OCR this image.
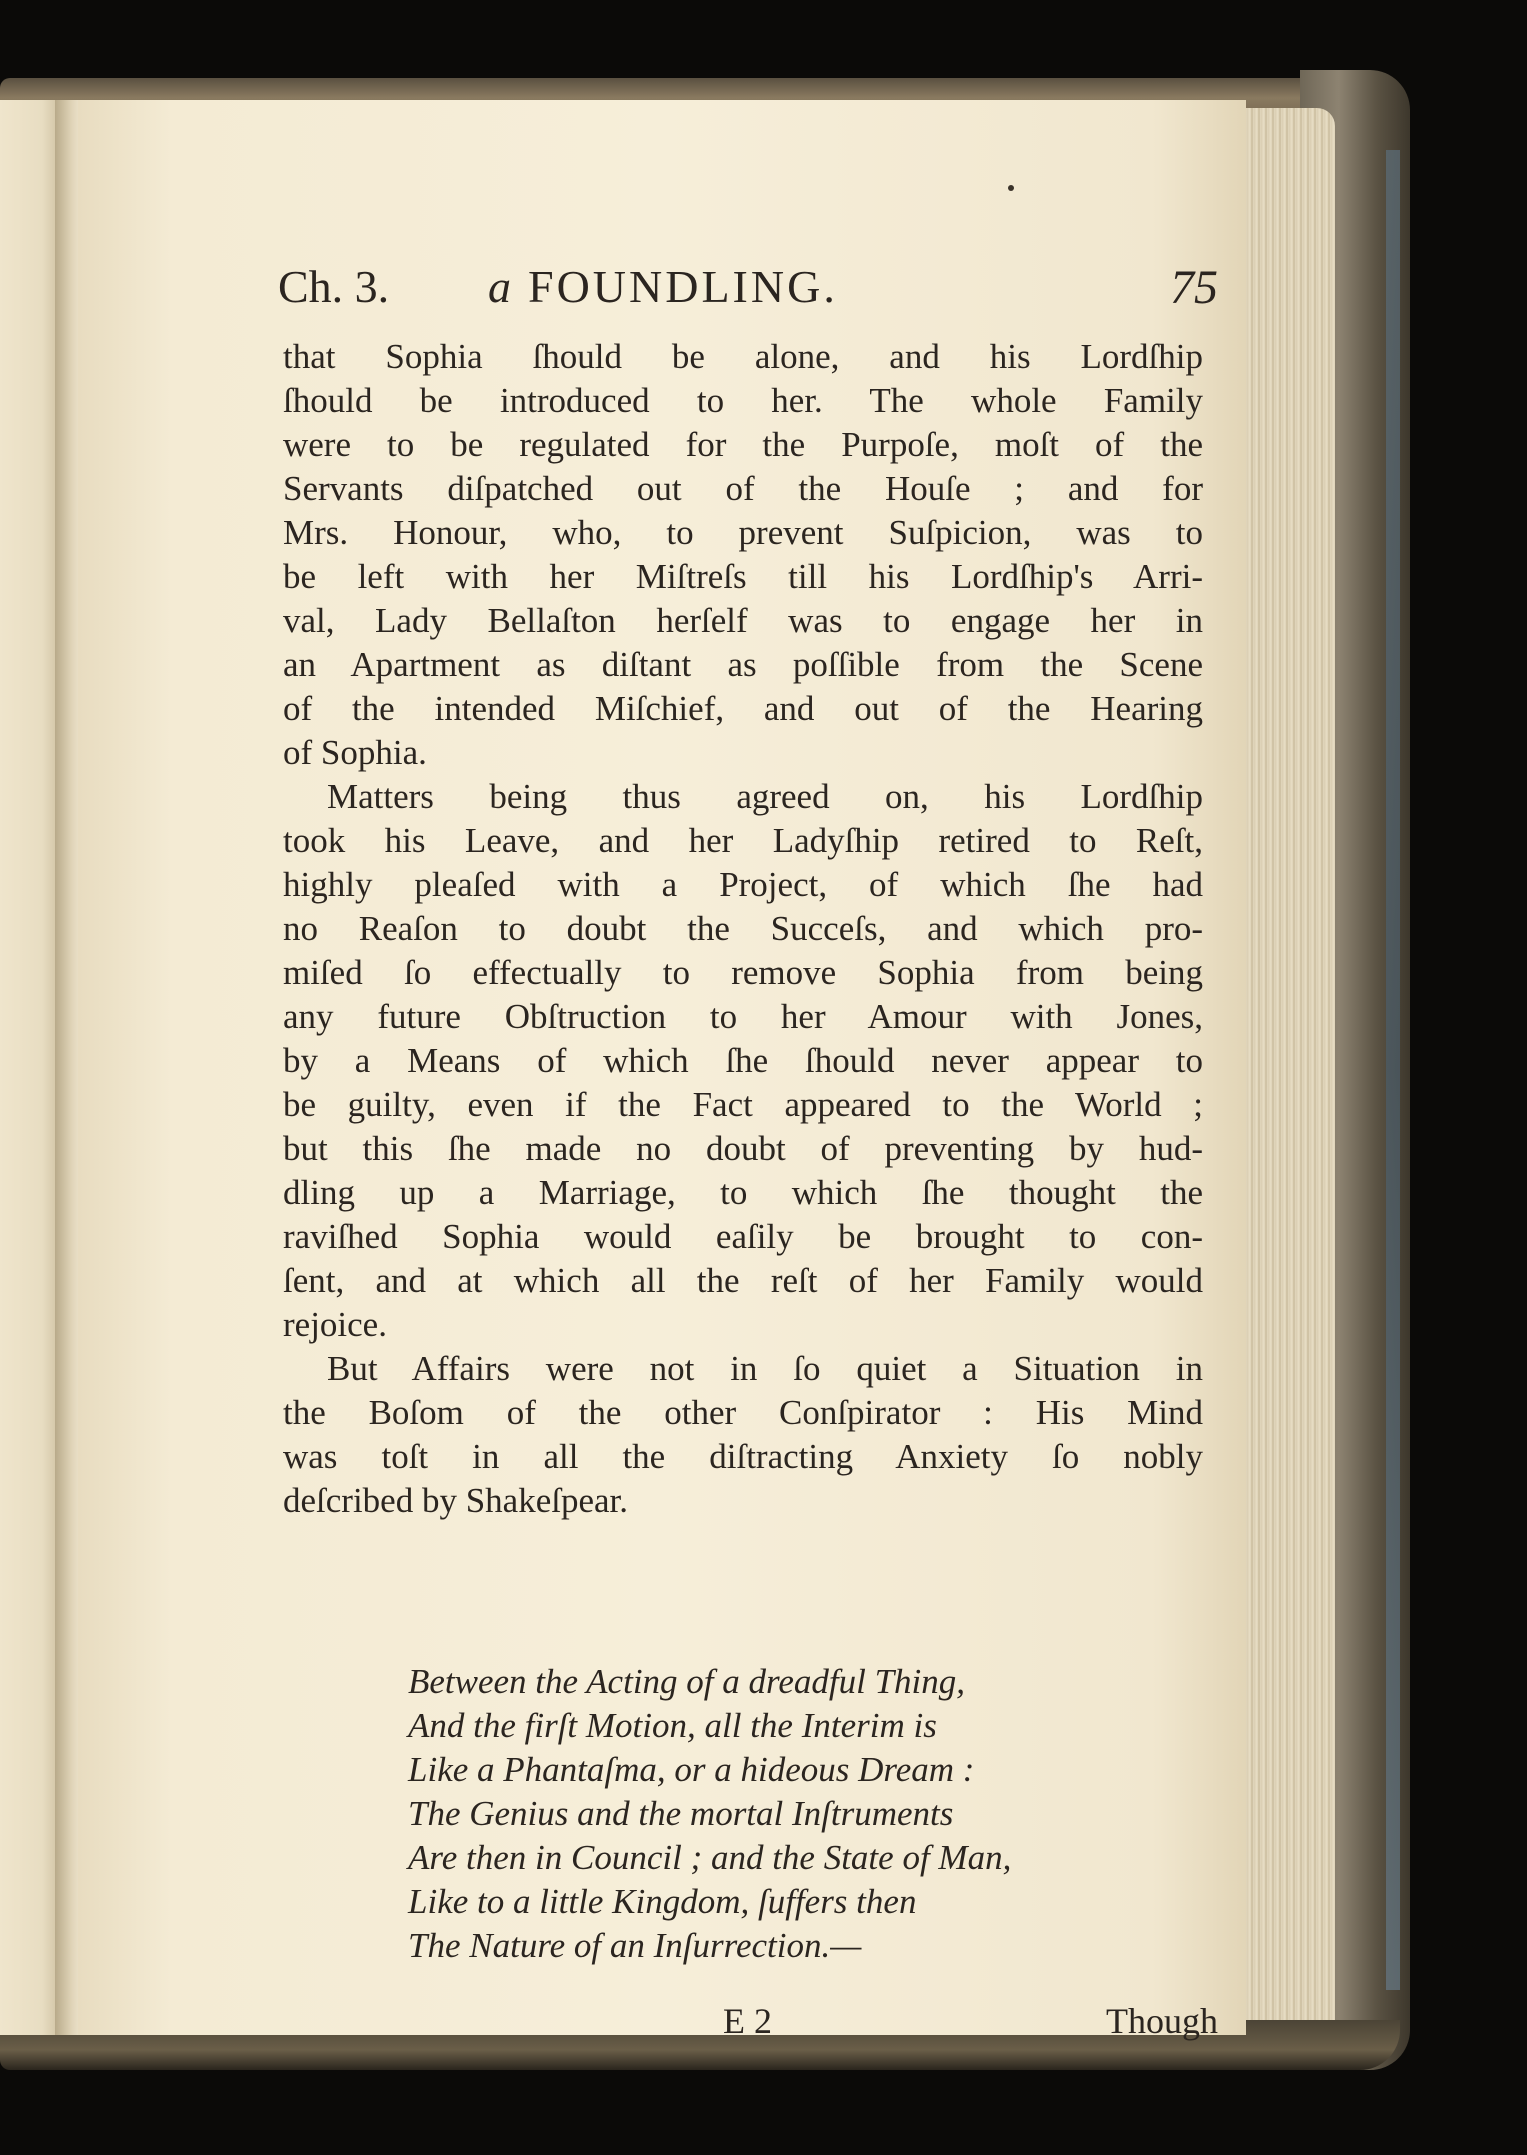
Ch. 3. a FOUNDLING.	75
that Sophia ſhould be alone, and his Lordſhip
ſhould be introduced to her. The whole Family
were to be regulated for the Purpoſe, moſt of the
Servants diſpatched out of the Houſe ; and for
Mrs. Honour, who, to prevent Suſpicion, was to
be left with her Miſtreſs till his Lordſhip's Arri-
val, Lady Bellaſton herſelf was to engage her in
an Apartment as diſtant as poſſible from the Scene
of the intended Miſchief, and out of the Hearing
of Sophia.
Matters being thus agreed on, his Lordſhip
took his Leave, and her Ladyſhip retired to Reſt,
highly pleaſed with a Project, of which ſhe had
no Reaſon to doubt the Succeſs, and which pro-
miſed ſo effectually to remove Sophia from being
any future Obſtruction to her Amour with Jones,
by a Means of which ſhe ſhould never appear to
be guilty, even if the Fact appeared to the World ;
but this ſhe made no doubt of preventing by hud-
dling up a Marriage, to which ſhe thought the
raviſhed Sophia would eaſily be brought to con-
ſent, and at which all the reſt of her Family would
rejoice.
But Affairs were not in ſo quiet a Situation in
the Boſom of the other Conſpirator : His Mind
was toſt in all the diſtracting Anxiety ſo nobly
deſcribed by Shakeſpear.
Between the Acting of a dreadful Thing,
And the firſt Motion, all the Interim is
Like a Phantaſma, or a hideous Dream :
The Genius and the mortal Inſtruments
Are then in Council ; and the State of Man,
Like to a little Kingdom, ſuffers then
The Nature of an Inſurrection.—
E 2	Though
